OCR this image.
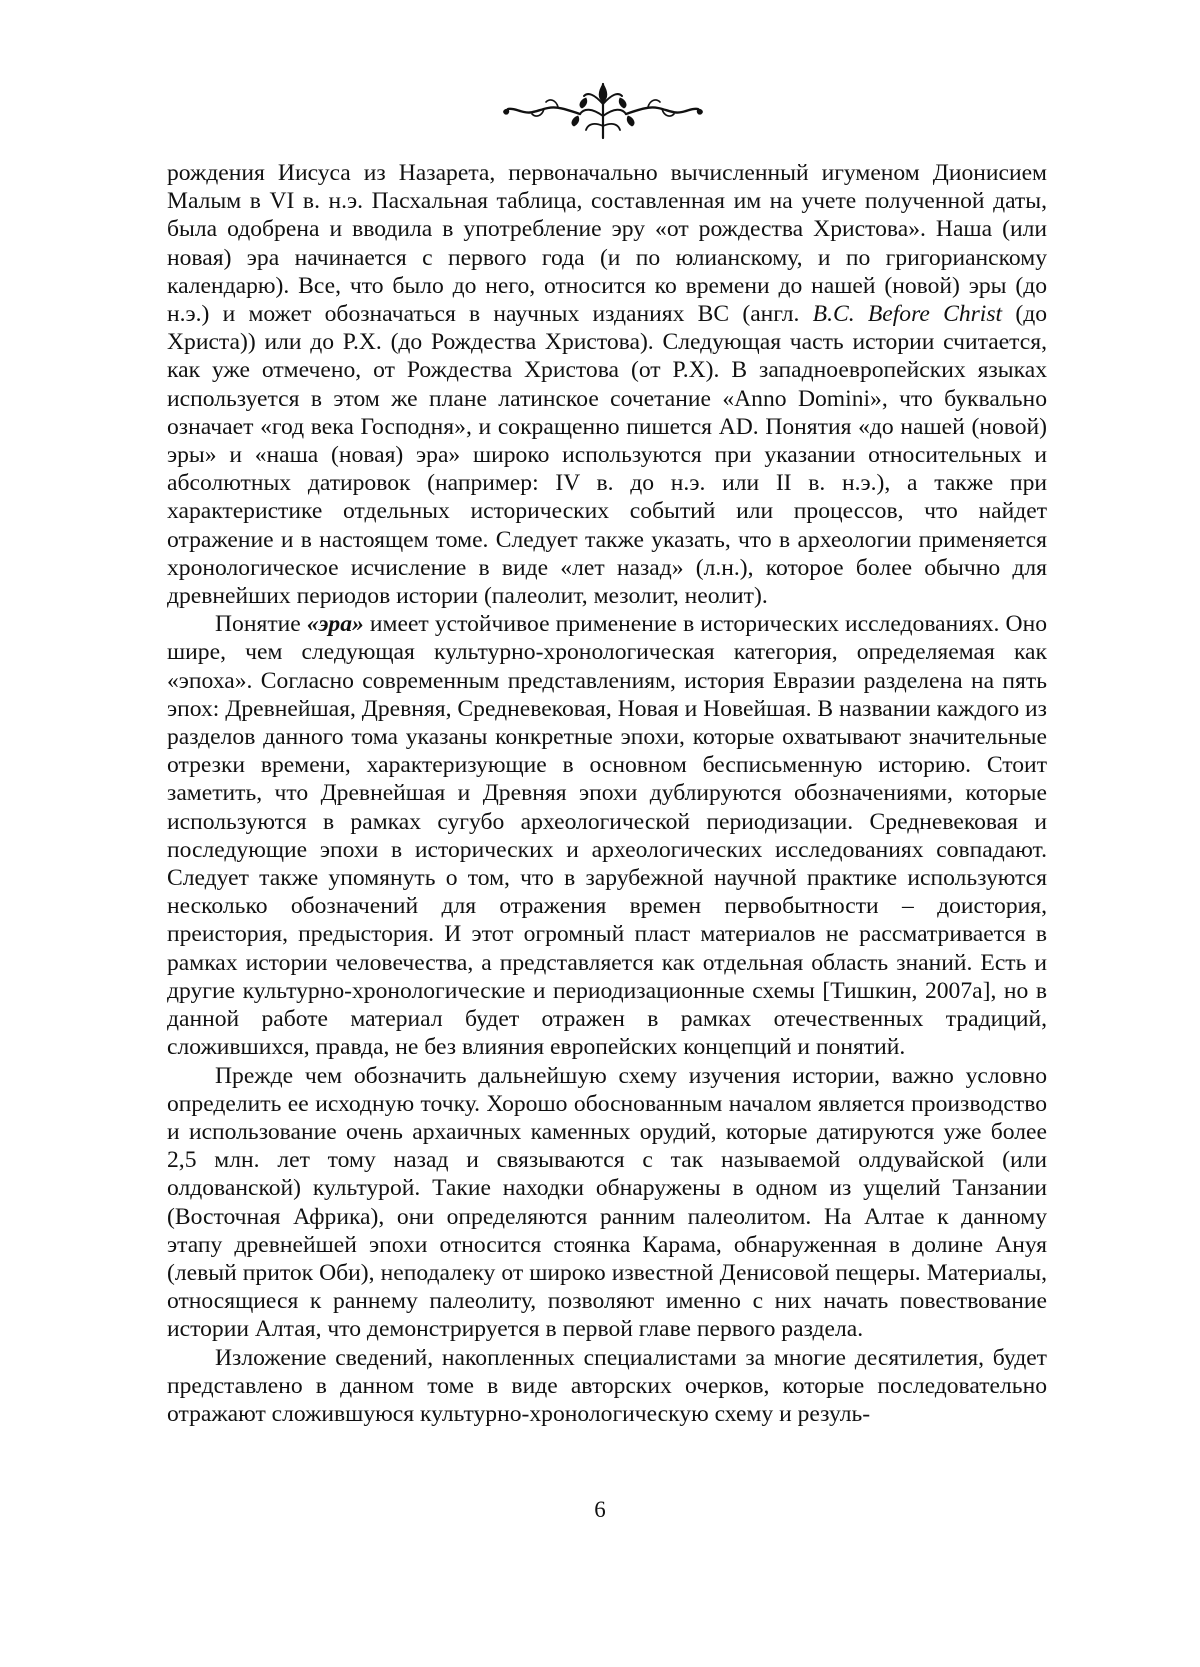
рождения Иисуса из Назарета, первоначально вычисленный игуменом Дионисием Малым в VI в. н.э. Пасхальная таблица, составленная им на учете полученной даты, была одобрена и вводила в употребление эру «от рождества Христова». Наша (или новая) эра начинается с первого года (и по юлианскому, и по григорианскому календарю). Все, что было до него, относится ко времени до нашей (новой) эры (до н.э.) и может обозначаться в научных изданиях ВС (англ. B.C. Before Christ (до Христа)) или до Р.Х. (до Рождества Христова). Следующая часть истории считается, как уже отмечено, от Рождества Христова (от Р.Х). В западноевропейских языках используется в этом же плане латинское сочетание «Anno Domini», что буквально означает «год века Господня», и сокращенно пишется AD. Понятия «до нашей (новой) эры» и «наша (новая) эра» широко используются при указании относительных и абсолютных датировок (например: IV в. до н.э. или II в. н.э.), а также при характеристике отдельных исторических событий или процессов, что найдет отражение и в настоящем томе. Следует также указать, что в археологии применяется хронологическое исчисление в виде «лет назад» (л.н.), которое более обычно для древнейших периодов истории (палеолит, мезолит, неолит).

Понятие «эра» имеет устойчивое применение в исторических исследованиях. Оно шире, чем следующая культурно-хронологическая категория, определяемая как «эпоха». Согласно современным представлениям, история Евразии разделена на пять эпох: Древнейшая, Древняя, Средневековая, Новая и Новейшая. В названии каждого из разделов данного тома указаны конкретные эпохи, которые охватывают значительные отрезки времени, характеризующие в основном бесписьменную историю. Стоит заметить, что Древнейшая и Древняя эпохи дублируются обозначениями, которые используются в рамках сугубо археологической периодизации. Средневековая и последующие эпохи в исторических и археологических исследованиях совпадают. Следует также упомянуть о том, что в зарубежной научной практике используются несколько обозначений для отражения времен первобытности – доистория, преистория, предыстория. И этот огромный пласт материалов не рассматривается в рамках истории человечества, а представляется как отдельная область знаний. Есть и другие культурно-хронологические и периодизационные схемы [Тишкин, 2007а], но в данной работе материал будет отражен в рамках отечественных традиций, сложившихся, правда, не без влияния европейских концепций и понятий.

Прежде чем обозначить дальнейшую схему изучения истории, важно условно определить ее исходную точку. Хорошо обоснованным началом является производство и использование очень архаичных каменных орудий, которые датируются уже более 2,5 млн. лет тому назад и связываются с так называемой олдувайской (или олдованской) культурой. Такие находки обнаружены в одном из ущелий Танзании (Восточная Африка), они определяются ранним палеолитом. На Алтае к данному этапу древнейшей эпохи относится стоянка Карама, обнаруженная в долине Ануя (левый приток Оби), неподалеку от широко известной Денисовой пещеры. Материалы, относящиеся к раннему палеолиту, позволяют именно с них начать повествование истории Алтая, что демонстрируется в первой главе первого раздела.

Изложение сведений, накопленных специалистами за многие десятилетия, будет представлено в данном томе в виде авторских очерков, которые последовательно отражают сложившуюся культурно-хронологическую схему и резуль-

6
